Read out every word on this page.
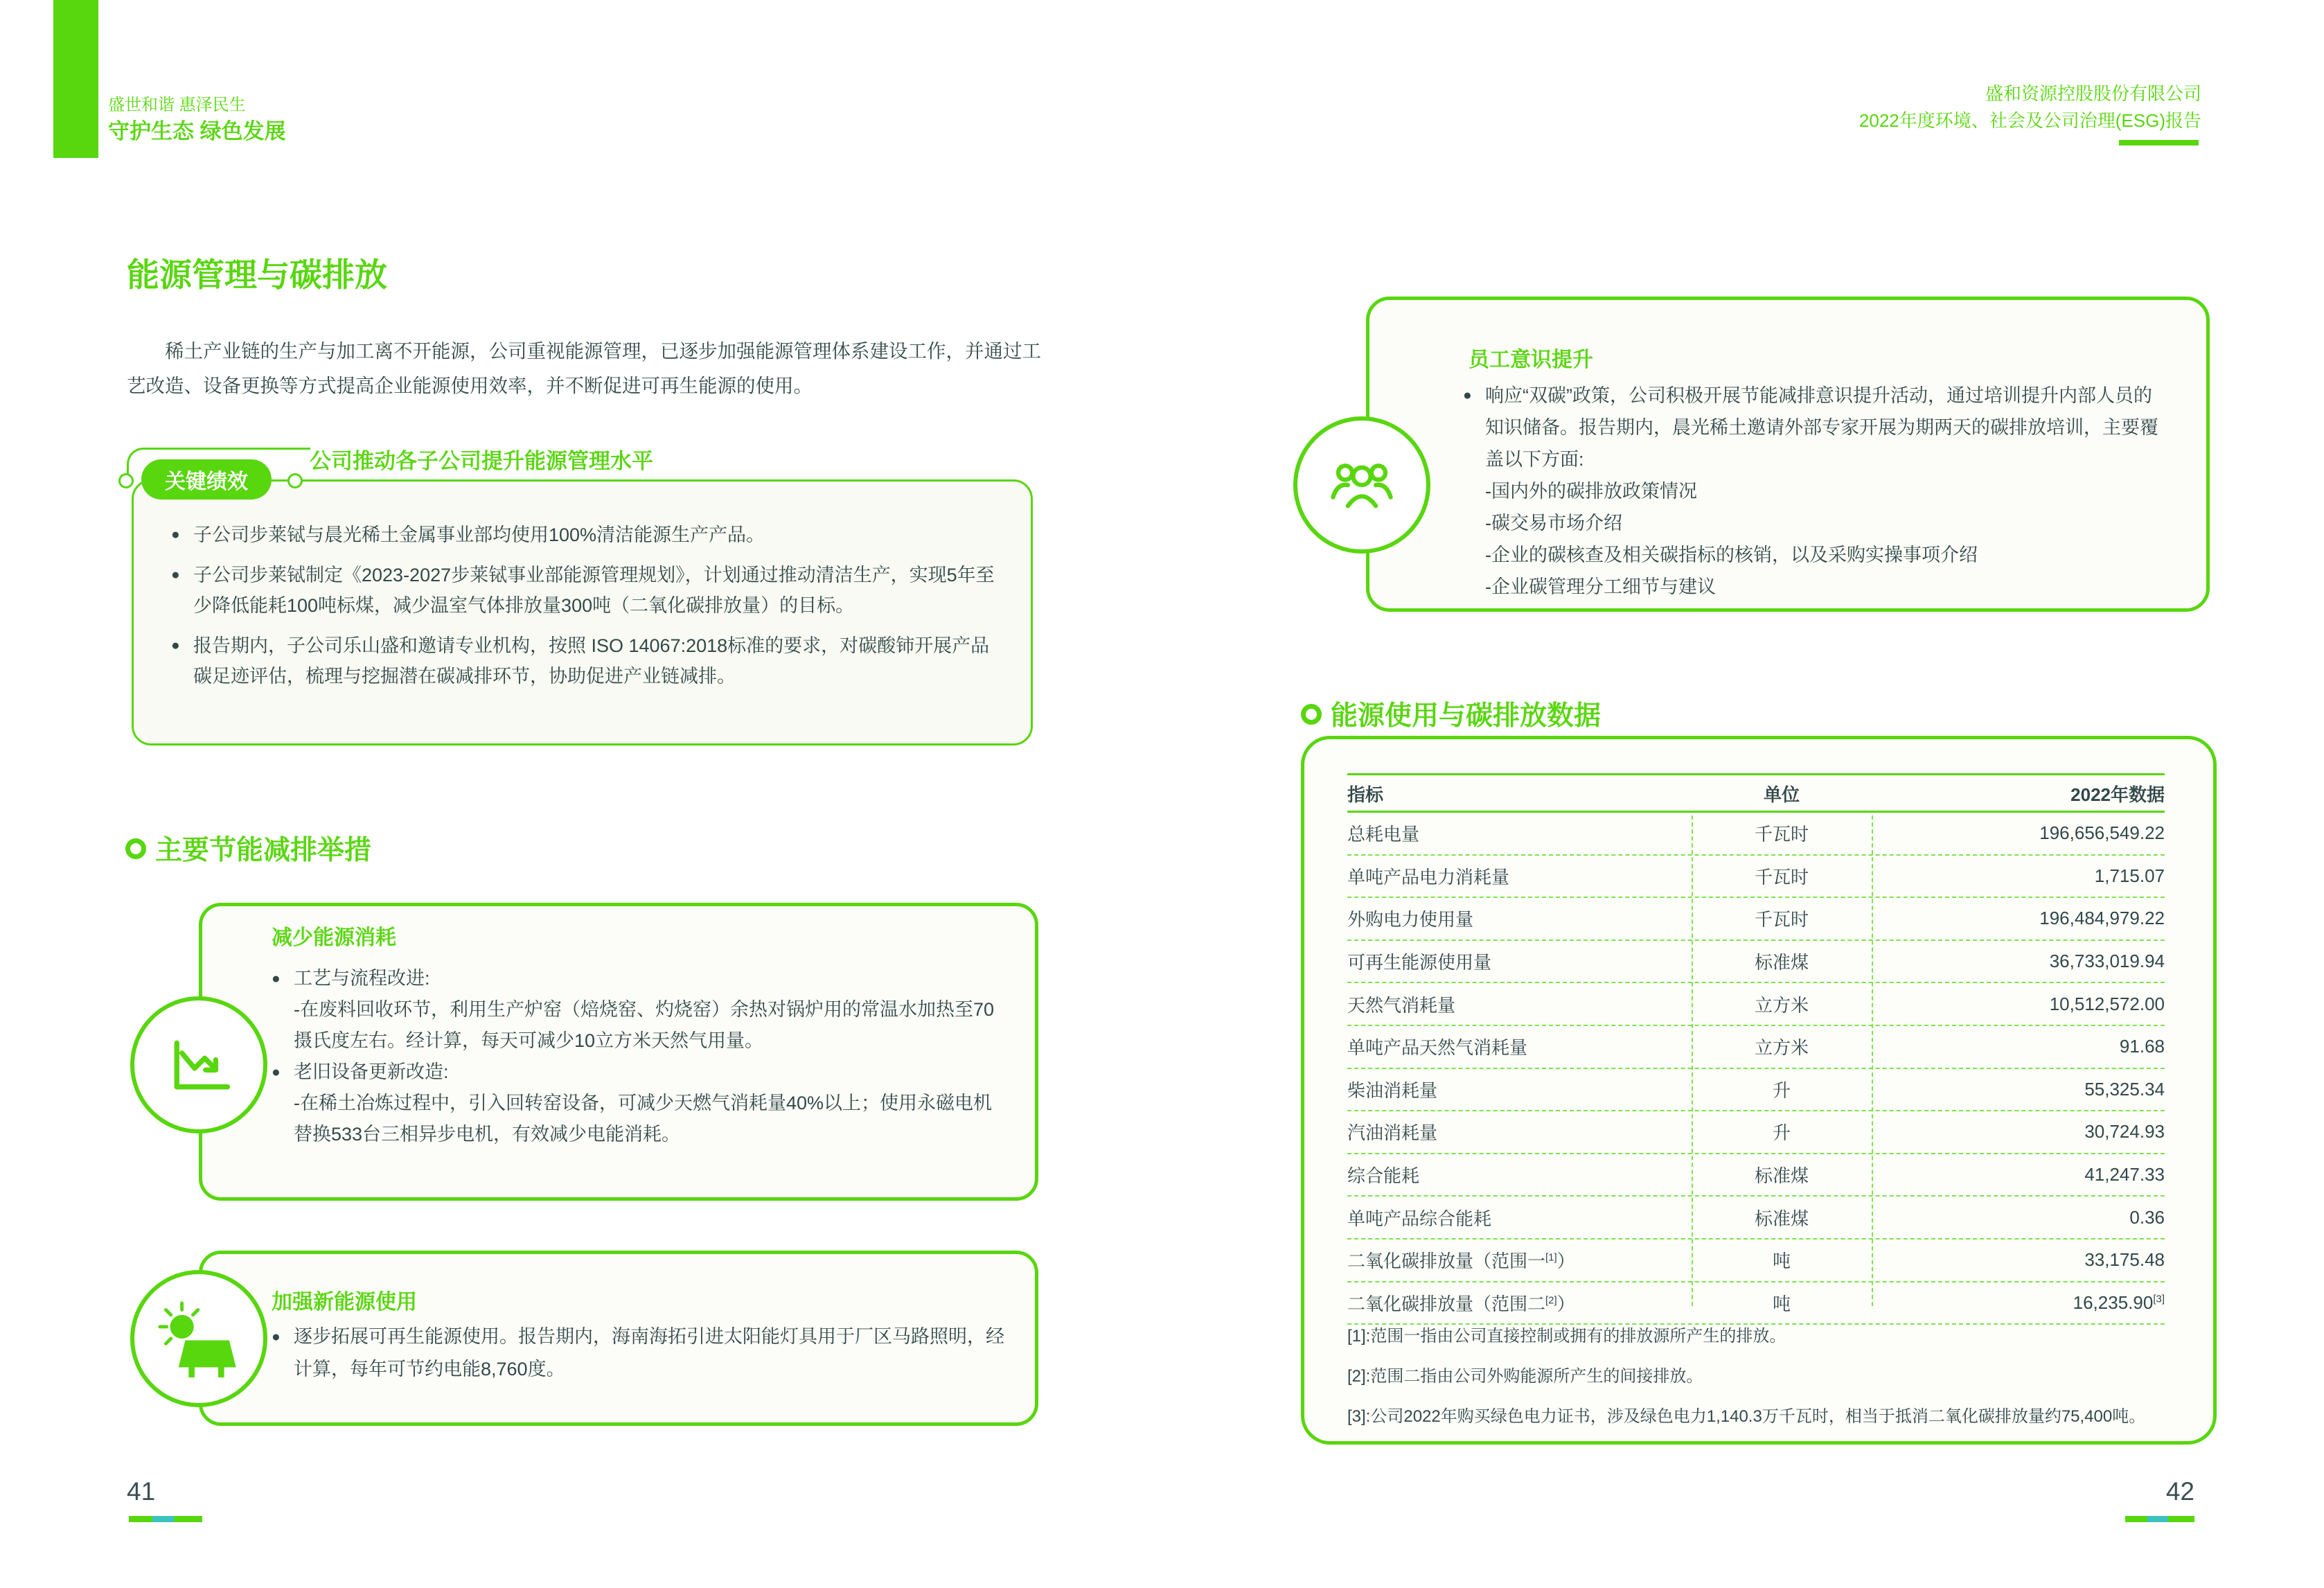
盛世和谐 惠泽民生
守护生态 绿色发展
盛和资源控股股份有限公司
2022年度环境、社会及公司治理(ESG)报告
能源管理与碳排放
稀土产业链的生产与加工离不开能源，公司重视能源管理，已逐步加强能源管理体系建设工作，并通过工艺改造、设备更换等方式提高企业能源使用效率，并不断促进可再生能源的使用。
关键绩效
公司推动各子公司提升能源管理水平
● 子公司步莱铽与晨光稀土金属事业部均使用100%清洁能源生产产品。
● 子公司步莱铽制定《2023-2027步莱铽事业部能源管理规划》，计划通过推动清洁生产，实现5年至少降低能耗100吨标煤，减少温室气体排放量300吨（二氧化碳排放量）的目标。
● 报告期内，子公司乐山盛和邀请专业机构，按照 ISO 14067:2018标准的要求，对碳酸铈开展产品碳足迹评估，梳理与挖掘潜在碳减排环节，协助促进产业链减排。
主要节能减排举措
减少能源消耗
● 工艺与流程改进:
-在废料回收环节，利用生产炉窑（焙烧窑、灼烧窑）余热对锅炉用的常温水加热至70摄氏度左右。经计算，每天可减少10立方米天然气用量。
● 老旧设备更新改造:
-在稀土冶炼过程中，引入回转窑设备，可减少天燃气消耗量40%以上；使用永磁电机替换533台三相异步电机，有效减少电能消耗。
加强新能源使用
● 逐步拓展可再生能源使用。报告期内，海南海拓引进太阳能灯具用于厂区马路照明，经计算，每年可节约电能8,760度。
41
员工意识提升
● 响应“双碳”政策，公司积极开展节能减排意识提升活动，通过培训提升内部人员的知识储备。报告期内，晨光稀土邀请外部专家开展为期两天的碳排放培训，主要覆盖以下方面:
-国内外的碳排放政策情况
-碳交易市场介绍
-企业的碳核查及相关碳指标的核销，以及采购实操事项介绍
-企业碳管理分工细节与建议
能源使用与碳排放数据
指标	单位	2022年数据
总耗电量	千瓦时	196,656,549.22
单吨产品电力消耗量	千瓦时	1,715.07
外购电力使用量	千瓦时	196,484,979.22
可再生能源使用量	标准煤	36,733,019.94
天然气消耗量	立方米	10,512,572.00
单吨产品天然气消耗量	立方米	91.68
柴油消耗量	升	55,325.34
汽油消耗量	升	30,724.93
综合能耗	标准煤	41,247.33
单吨产品综合能耗	标准煤	0.36
二氧化碳排放量（范围一[1]）	吨	33,175.48
二氧化碳排放量（范围二[2]）	吨	16,235.90[3]
[1]:范围一指由公司直接控制或拥有的排放源所产生的排放。
[2]:范围二指由公司外购能源所产生的间接排放。
[3]:公司2022年购买绿色电力证书，涉及绿色电力1,140.3万千瓦时，相当于抵消二氧化碳排放量约75,400吨。
42
